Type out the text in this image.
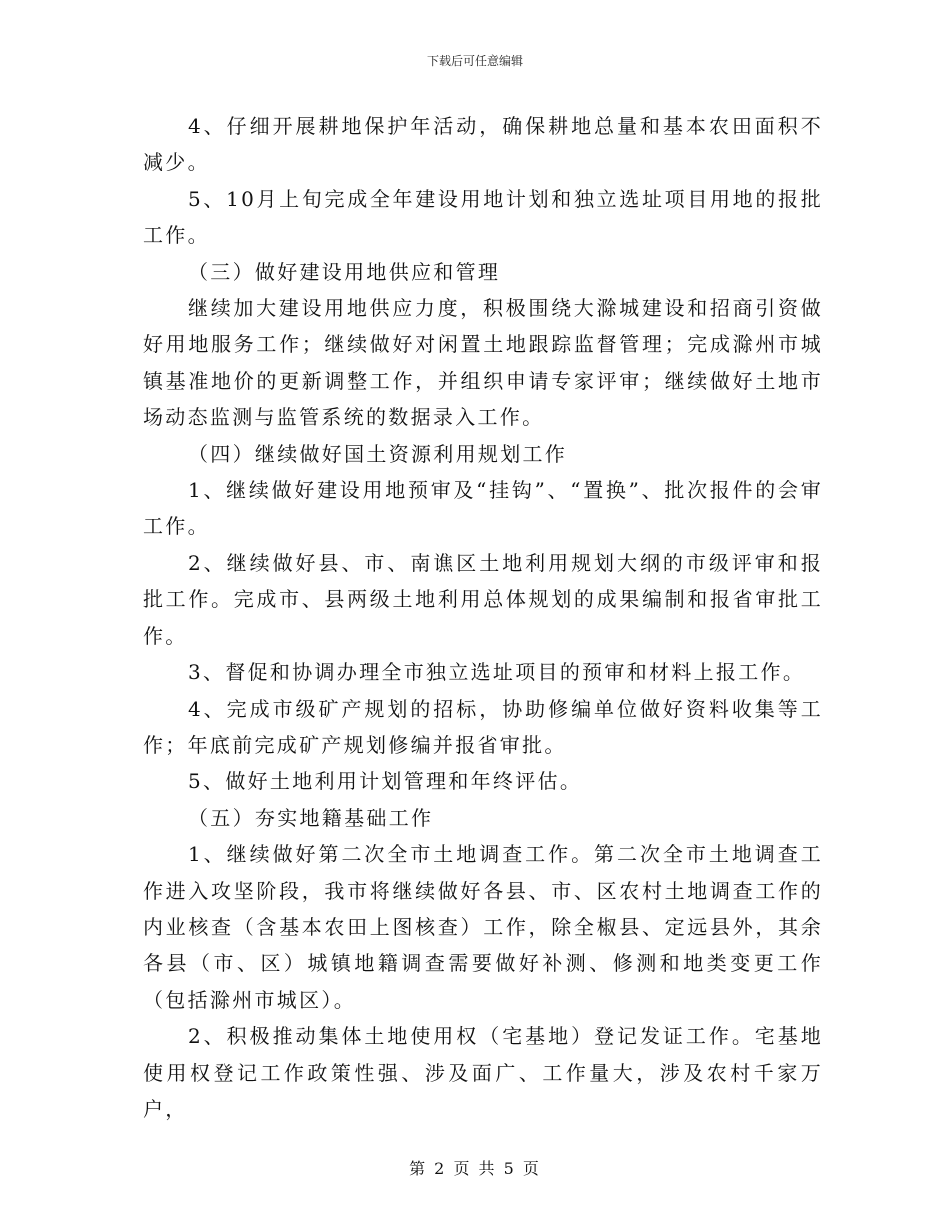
下载后可任意编辑

4、仔细开展耕地保护年活动，确保耕地总量和基本农田面积不减少。

5、10月上旬完成全年建设用地计划和独立选址项目用地的报批工作。

（三）做好建设用地供应和管理

继续加大建设用地供应力度，积极围绕大滁城建设和招商引资做好用地服务工作；继续做好对闲置土地跟踪监督管理；完成滁州市城镇基准地价的更新调整工作，并组织申请专家评审；继续做好土地市场动态监测与监管系统的数据录入工作。

（四）继续做好国土资源利用规划工作

1、继续做好建设用地预审及“挂钩”、“置换”、批次报件的会审工作。

2、继续做好县、市、南谯区土地利用规划大纲的市级评审和报批工作。完成市、县两级土地利用总体规划的成果编制和报省审批工作。

3、督促和协调办理全市独立选址项目的预审和材料上报工作。

4、完成市级矿产规划的招标，协助修编单位做好资料收集等工作；年底前完成矿产规划修编并报省审批。

5、做好土地利用计划管理和年终评估。

（五）夯实地籍基础工作

1、继续做好第二次全市土地调查工作。第二次全市土地调查工作进入攻坚阶段，我市将继续做好各县、市、区农村土地调查工作的内业核查（含基本农田上图核查）工作，除全椒县、定远县外，其余各县（市、区）城镇地籍调查需要做好补测、修测和地类变更工作（包括滁州市城区）。

2、积极推动集体土地使用权（宅基地）登记发证工作。宅基地使用权登记工作政策性强、涉及面广、工作量大，涉及农村千家万户，

第 2 页 共 5 页
